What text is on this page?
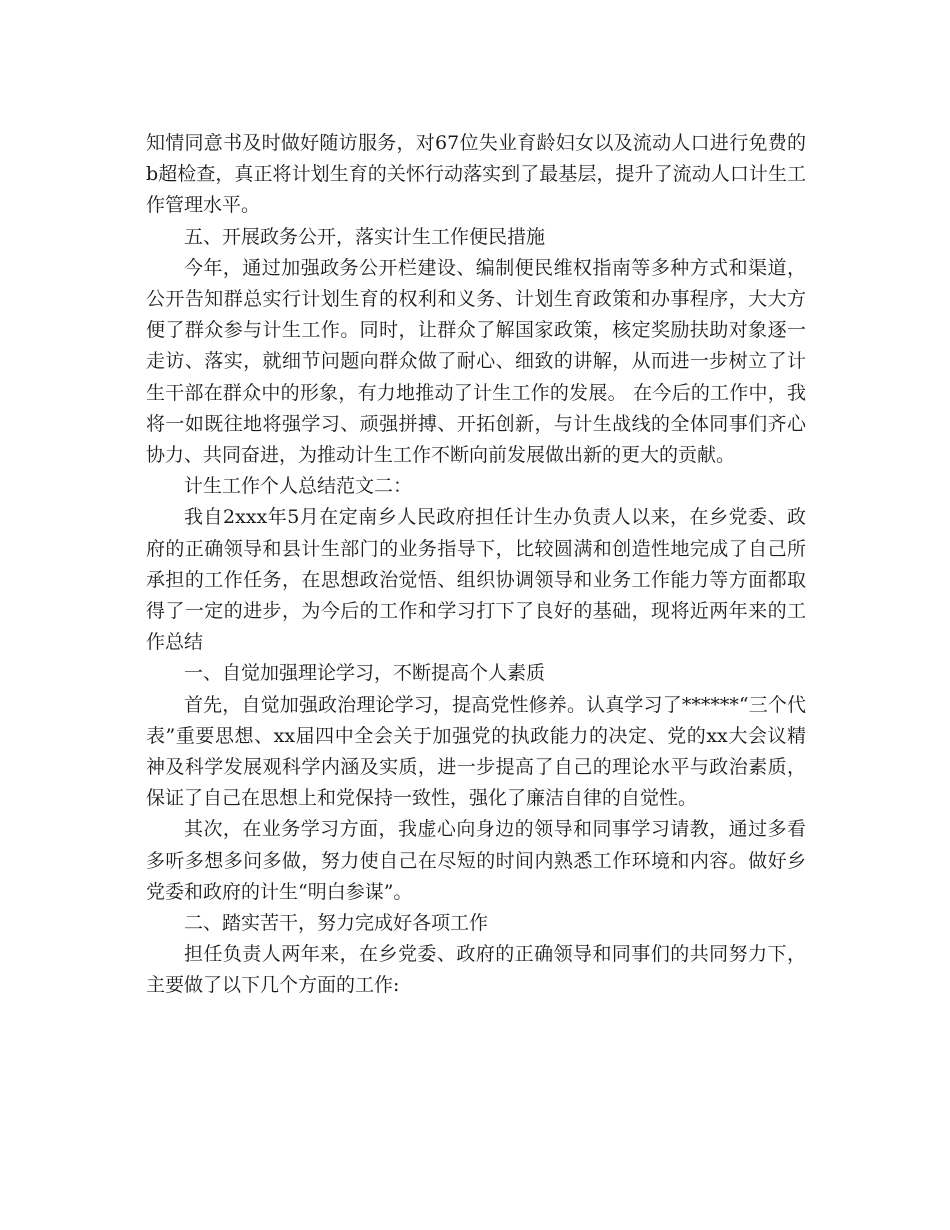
知情同意书及时做好随访服务，对67位失业育龄妇女以及流动人口进行免费的b超检查，真正将计划生育的关怀行动落实到了最基层，提升了流动人口计生工作管理水平。

五、开展政务公开，落实计生工作便民措施

今年，通过加强政务公开栏建设、编制便民维权指南等多种方式和渠道，公开告知群总实行计划生育的权利和义务、计划生育政策和办事程序，大大方便了群众参与计生工作。同时，让群众了解国家政策，核定奖励扶助对象逐一走访、落实，就细节问题向群众做了耐心、细致的讲解，从而进一步树立了计生干部在群众中的形象，有力地推动了计生工作的发展。 在今后的工作中，我将一如既往地将强学习、顽强拼搏、开拓创新，与计生战线的全体同事们齐心协力、共同奋进，为推动计生工作不断向前发展做出新的更大的贡献。

计生工作个人总结范文二：

我自2xxx年5月在定南乡人民政府担任计生办负责人以来，在乡党委、政府的正确领导和县计生部门的业务指导下，比较圆满和创造性地完成了自己所承担的工作任务，在思想政治觉悟、组织协调领导和业务工作能力等方面都取得了一定的进步，为今后的工作和学习打下了良好的基础，现将近两年来的工作总结

一、自觉加强理论学习，不断提高个人素质

首先，自觉加强政治理论学习，提高党性修养。认真学习了******“三个代表”重要思想、xx届四中全会关于加强党的执政能力的决定、党的xx大会议精神及科学发展观科学内涵及实质，进一步提高了自己的理论水平与政治素质，保证了自己在思想上和党保持一致性，强化了廉洁自律的自觉性。

其次，在业务学习方面，我虚心向身边的领导和同事学习请教，通过多看多听多想多问多做，努力使自己在尽短的时间内熟悉工作环境和内容。做好乡党委和政府的计生“明白参谋”。

二、踏实苦干，努力完成好各项工作

担任负责人两年来，在乡党委、政府的正确领导和同事们的共同努力下，主要做了以下几个方面的工作:
